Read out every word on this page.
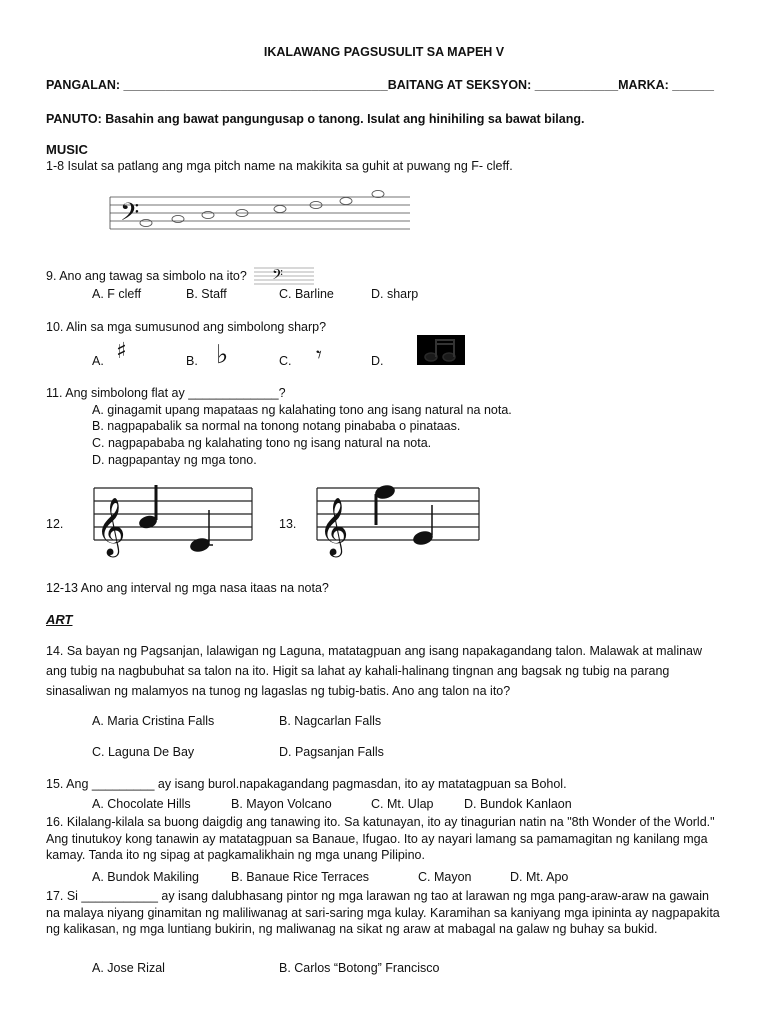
IKALAWANG PAGSUSULIT SA MAPEH V
PANGALAN: ______________________________________BAITANG AT SEKSYON: ____________MARKA: ______
PANUTO: Basahin ang bawat pangungusap o tanong. Isulat ang hinihiling sa bawat bilang.
MUSIC
1-8 Isulat sa patlang ang mga pitch name na makikita sa guhit at puwang ng F- cleff.
𝄢
9. Ano ang tawag sa simbolo na ito? 𝄢
A. F cleff	B. Staff	C. Barline	D. sharp
10. Alin sa mga sumusunod ang simbolong sharp?
A. ♯	B. ♭	C. 𝄾	D.
11. Ang simbolong flat ay _____________?
A. ginagamit upang mapataas ng kalahating tono ang isang natural na nota.
B. nagpapabalik sa normal na tonong notang pinababa o pinataas.
C. nagpapababa ng kalahating tono ng isang natural na nota.
D. nagpapantay ng mga tono.
12. 𝄞	13. 𝄞
12-13 Ano ang interval ng mga nasa itaas na nota?
ART
14. Sa bayan ng Pagsanjan, lalawigan ng Laguna, matatagpuan ang isang napakagandang talon. Malawak at malinaw ang tubig na nagbubuhat sa talon na ito. Higit sa lahat ay kahali-halinang tingnan ang bagsak ng tubig na parang sinasaliwan ng malamyos na tunog ng lagaslas ng tubig-batis. Ano ang talon na ito?
A. Maria Cristina Falls	B. Nagcarlan Falls
C. Laguna De Bay	D. Pagsanjan Falls
15. Ang _________ ay isang burol.napakagandang pagmasdan, ito ay matatagpuan sa Bohol.
A. Chocolate Hills	B. Mayon Volcano	C. Mt. Ulap D. Bundok Kanlaon
16. Kilalang-kilala sa buong daigdig ang tanawing ito. Sa katunayan, ito ay tinagurian natin na "8th Wonder of the World." Ang tinutukoy kong tanawin ay matatagpuan sa Banaue, Ifugao. Ito ay nayari lamang sa pamamagitan ng kanilang mga kamay. Tanda ito ng sipag at pagkamalikhain ng mga unang Pilipino.
A. Bundok Makiling	B. Banaue Rice Terraces	C. Mayon	D. Mt. Apo
17. Si ___________ ay isang dalubhasang pintor ng mga larawan ng tao at larawan ng mga pang-araw-araw na gawain na malaya niyang ginamitan ng maliliwanag at sari-saring mga kulay. Karamihan sa kaniyang mga ipininta ay nagpapakita ng kalikasan, ng mga luntiang bukirin, ng maliwanag na sikat ng araw at mabagal na galaw ng buhay sa bukid.
A. Jose Rizal	B. Carlos “Botong” Francisco
